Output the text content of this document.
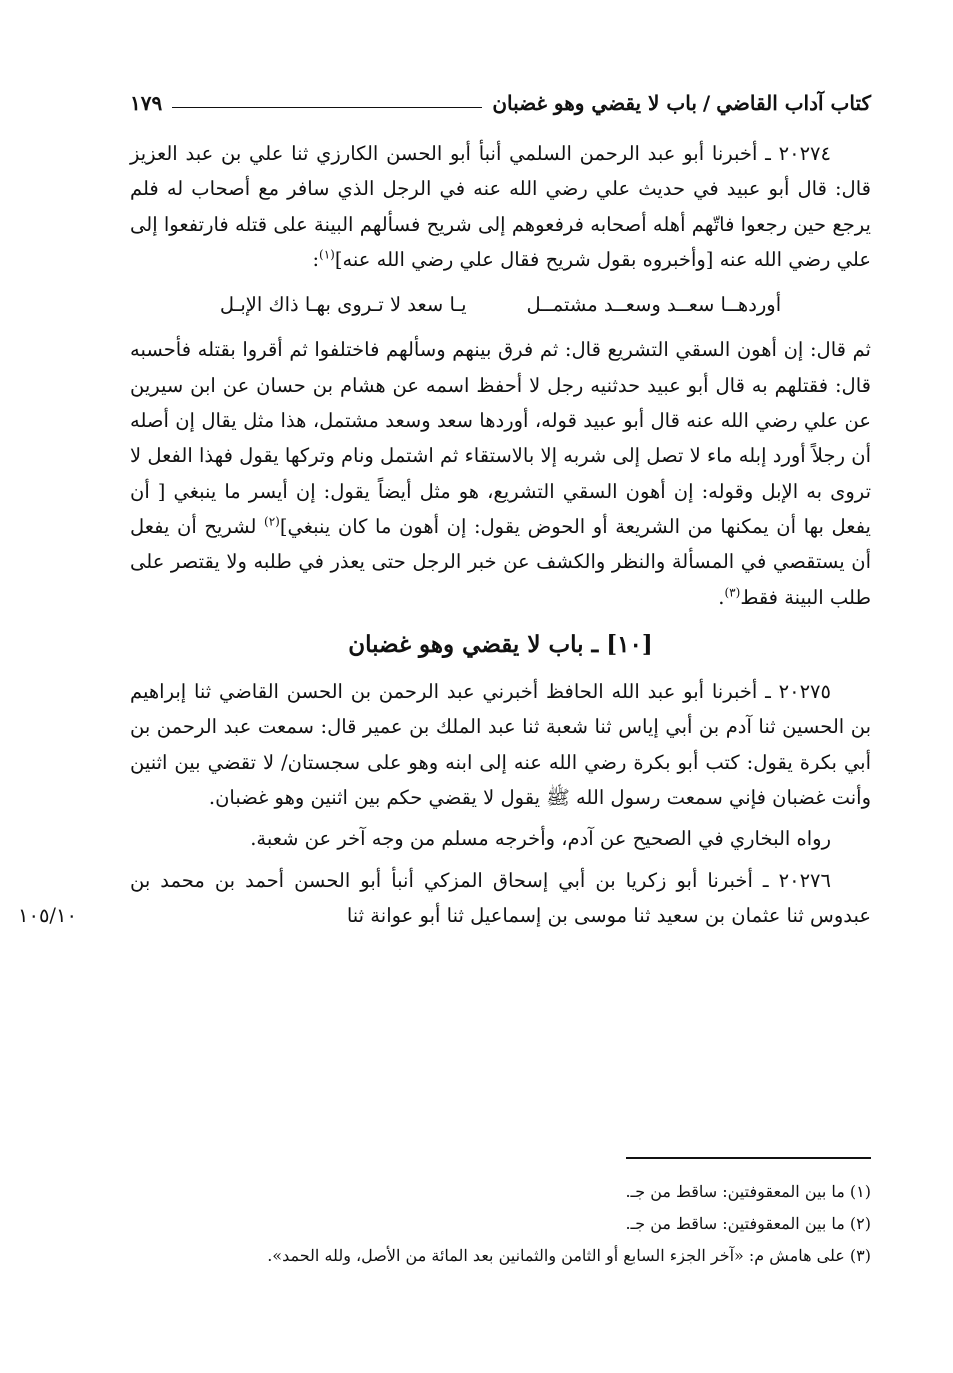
كتاب آداب القاضي
/
باب لا يقضي وهو غضبان
١٧٩

٢٠٢٧٤ ـ أخبرنا أبو عبد الرحمن السلمي أنبأ أبو الحسن الكارزي ثنا علي بن عبد العزيز قال: قال أبو عبيد في حديث علي رضي الله عنه في الرجل الذي سافر مع أصحاب له فلم يرجع حين رجعوا فاتّهم أهله أصحابه فرفعوهم إلى شريح فسألهم البينة على قتله فارتفعوا إلى علي رضي الله عنه [وأخبروه بقول شريح فقال علي رضي الله عنه]$^{(١)}$:

أوردهــا سعــد وسعــد مشتمــل
يـا سعد لا تـروى بهـا ذاك الإبـل

ثم قال: إن أهون السقي التشريع قال: ثم فرق بينهم وسألهم فاختلفوا ثم أقروا بقتله فأحسبه قال: فقتلهم به قال أبو عبيد حدثنيه رجل لا أحفظ اسمه عن هشام بن حسان عن ابن سيرين عن علي رضي الله عنه قال أبو عبيد قوله، أوردها سعد وسعد مشتمل، هذا مثل يقال إن أصله أن رجلاً أورد إبله ماء لا تصل إلى شربه إلا بالاستقاء ثم اشتمل ونام وتركها يقول فهذا الفعل لا تروى به الإبل وقوله: إن أهون السقي التشريع، هو مثل أيضاً يقول: إن أيسر ما ينبغي [ أن يفعل بها أن يمكنها من الشريعة أو الحوض يقول: إن أهون ما كان ينبغي]$^{(٢)}$ لشريح أن يفعل أن يستقصي في المسألة والنظر والكشف عن خبر الرجل حتى يعذر في طلبه ولا يقتصر على طلب البينة فقط$^{(٣)}$.

[١٠] ـ باب لا يقضي وهو غضبان

٢٠٢٧٥ ـ أخبرنا أبو عبد الله الحافظ أخبرني عبد الرحمن بن الحسن القاضي ثنا إبراهيم بن الحسين ثنا آدم بن أبي إياس ثنا شعبة ثنا عبد الملك بن عمير قال: سمعت عبد الرحمن بن أبي بكرة يقول: كتب أبو بكرة رضي الله عنه إلى ابنه وهو على سجستان/ لا تقضي بين اثنين وأنت غضبان فإني سمعت رسول الله ﷺ يقول لا يقضي حكم بين اثنين وهو غضبان.

رواه البخاري في الصحيح عن آدم، وأخرجه مسلم من وجه آخر عن شعبة.

٢٠٢٧٦ ـ أخبرنا أبو زكريا بن أبي إسحاق المزكي أنبأ أبو الحسن أحمد بن محمد بن عبدوس ثنا عثمان بن سعيد ثنا موسى بن إسماعيل ثنا أبو عوانة ثنا

١٠٥/١٠

(١) ما بين المعقوفتين: ساقط من جـ.

(٢) ما بين المعقوفتين: ساقط من جـ.

(٣) على هامش م: «آخر الجزء السابع أو الثامن والثمانين بعد المائة من الأصل، ولله الحمد».
